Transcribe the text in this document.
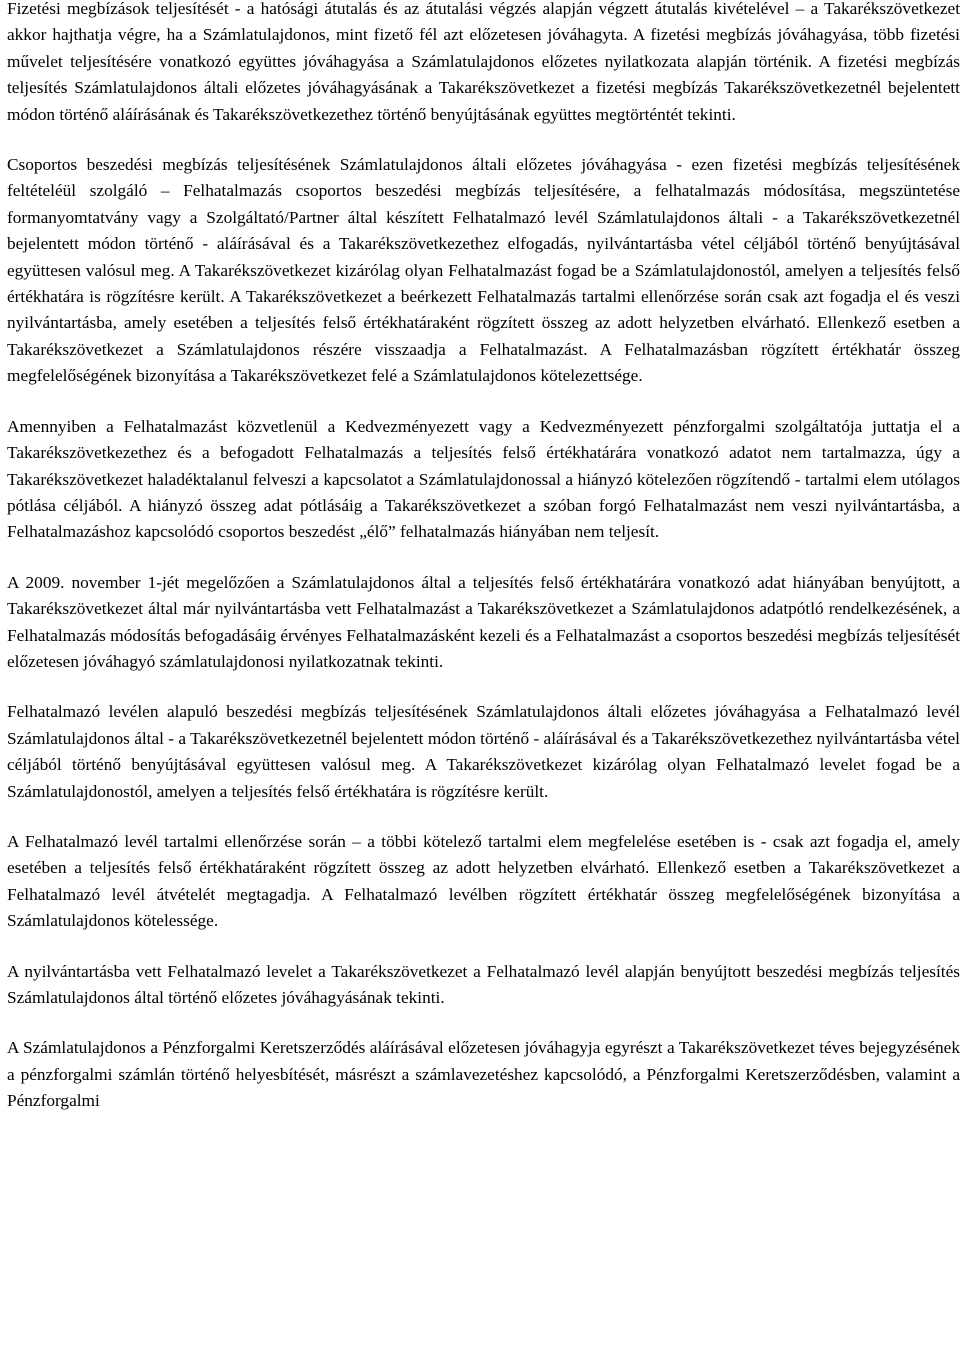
Fizetési megbízások teljesítését - a hatósági átutalás és az átutalási végzés alapján végzett átutalás kivételével – a Takarékszövetkezet akkor hajthatja végre, ha a Számlatulajdonos, mint fizető fél azt előzetesen jóváhagyta. A fizetési megbízás jóváhagyása, több fizetési művelet teljesítésére vonatkozó együttes jóváhagyása a Számlatulajdonos előzetes nyilatkozata alapján történik. A fizetési megbízás teljesítés Számlatulajdonos általi előzetes jóváhagyásának a Takarékszövetkezet a fizetési megbízás Takarékszövetkezetnél bejelentett módon történő aláírásának és Takarékszövetkezethez történő benyújtásának együttes megtörténtét tekinti.

Csoportos beszedési megbízás teljesítésének Számlatulajdonos általi előzetes jóváhagyása - ezen fizetési megbízás teljesítésének feltételéül szolgáló – Felhatalmazás csoportos beszedési megbízás teljesítésére, a felhatalmazás módosítása, megszüntetése formanyomtatvány vagy a Szolgáltató/Partner által készített Felhatalmazó levél Számlatulajdonos általi - a Takarékszövetkezetnél bejelentett módon történő - aláírásával és a Takarékszövetkezethez elfogadás, nyilvántartásba vétel céljából történő benyújtásával együttesen valósul meg. A Takarékszövetkezet kizárólag olyan Felhatalmazást fogad be a Számlatulajdonostól, amelyen a teljesítés felső értékhatára is rögzítésre került. A Takarékszövetkezet a beérkezett Felhatalmazás tartalmi ellenőrzése során csak azt fogadja el és veszi nyilvántartásba, amely esetében a teljesítés felső értékhatáraként rögzített összeg az adott helyzetben elvárható. Ellenkező esetben a Takarékszövetkezet a Számlatulajdonos részére visszaadja a Felhatalmazást. A Felhatalmazásban rögzített értékhatár összeg megfelelőségének bizonyítása a Takarékszövetkezet felé a Számlatulajdonos kötelezettsége.

Amennyiben a Felhatalmazást közvetlenül a Kedvezményezett vagy a Kedvezményezett pénzforgalmi szolgáltatója juttatja el a Takarékszövetkezethez és a befogadott Felhatalmazás a teljesítés felső értékhatárára vonatkozó adatot nem tartalmazza, úgy a Takarékszövetkezet haladéktalanul felveszi a kapcsolatot a Számlatulajdonossal a hiányzó kötelezően rögzítendő - tartalmi elem utólagos pótlása céljából. A hiányzó összeg adat pótlásáig a Takarékszövetkezet a szóban forgó Felhatalmazást nem veszi nyilvántartásba, a Felhatalmazáshoz kapcsolódó csoportos beszedést „élő” felhatalmazás hiányában nem teljesít.

A 2009. november 1-jét megelőzően a Számlatulajdonos által a teljesítés felső értékhatárára vonatkozó adat hiányában benyújtott, a Takarékszövetkezet által már nyilvántartásba vett Felhatalmazást a Takarékszövetkezet a Számlatulajdonos adatpótló rendelkezésének, a Felhatalmazás módosítás befogadásáig érvényes Felhatalmazásként kezeli és a Felhatalmazást a csoportos beszedési megbízás teljesítését előzetesen jóváhagyó számlatulajdonosi nyilatkozatnak tekinti.

Felhatalmazó levélen alapuló beszedési megbízás teljesítésének Számlatulajdonos általi előzetes jóváhagyása a Felhatalmazó levél Számlatulajdonos által - a Takarékszövetkezetnél bejelentett módon történő - aláírásával és a Takarékszövetkezethez nyilvántartásba vétel céljából történő benyújtásával együttesen valósul meg. A Takarékszövetkezet kizárólag olyan Felhatalmazó levelet fogad be a Számlatulajdonostól, amelyen a teljesítés felső értékhatára is rögzítésre került.

A Felhatalmazó levél tartalmi ellenőrzése során – a többi kötelező tartalmi elem megfelelése esetében is - csak azt fogadja el, amely esetében a teljesítés felső értékhatáraként rögzített összeg az adott helyzetben elvárható. Ellenkező esetben a Takarékszövetkezet a Felhatalmazó levél átvételét megtagadja. A Felhatalmazó levélben rögzített értékhatár összeg megfelelőségének bizonyítása a Számlatulajdonos kötelessége.

A nyilvántartásba vett Felhatalmazó levelet a Takarékszövetkezet a Felhatalmazó levél alapján benyújtott beszedési megbízás teljesítés Számlatulajdonos által történő előzetes jóváhagyásának tekinti.

A Számlatulajdonos a Pénzforgalmi Keretszerződés aláírásával előzetesen jóváhagyja egyrészt a Takarékszövetkezet téves bejegyzésének a pénzforgalmi számlán történő helyesbítését, másrészt a számlavezetéshez kapcsolódó, a Pénzforgalmi Keretszerződésben, valamint a Pénzforgalmi
